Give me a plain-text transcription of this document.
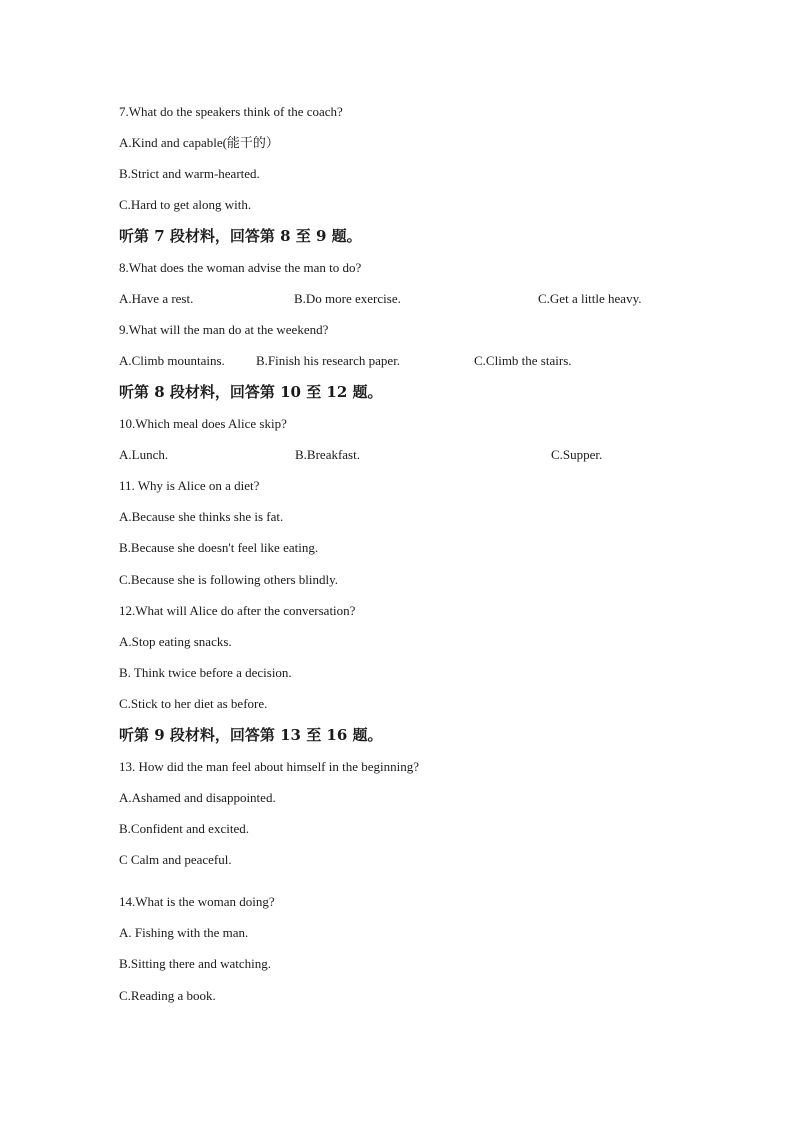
7.What do the speakers think of the coach?
A.Kind and capable(能干的）
B.Strict and warm-hearted.
C.Hard to get along with.
听第 7 段材料，回答第 8 至 9 题。
8.What does the woman advise the man to do?
A.Have a rest.	B.Do more exercise.	C.Get a little heavy.
9.What will the man do at the weekend?
A.Climb mountains. B.Finish his research paper.	C.Climb the stairs.
听第 8 段材料，回答第 10 至 12 题。
10.Which meal does Alice skip?
A.Lunch.	B.Breakfast.	C.Supper.
11. Why is Alice on a diet?
A.Because she thinks she is fat.
B.Because she doesn't feel like eating.
C.Because she is following others blindly.
12.What will Alice do after the conversation?
A.Stop eating snacks.
B. Think twice before a decision.
C.Stick to her diet as before.
听第 9 段材料，回答第 13 至 16 题。
13. How did the man feel about himself in the beginning?
A.Ashamed and disappointed.
B.Confident and excited.
C Calm and peaceful.
14.What is the woman doing?
A. Fishing with the man.
B.Sitting there and watching.
C.Reading a book.
